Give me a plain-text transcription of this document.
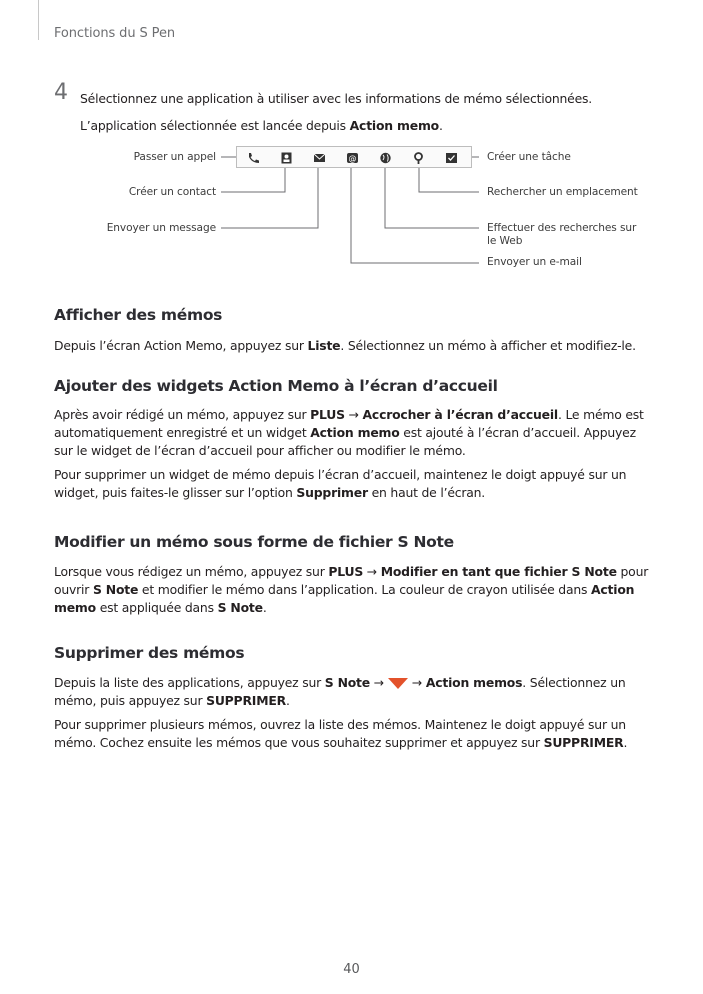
Fonctions du S Pen
4 Sélectionnez une application à utiliser avec les informations de mémo sélectionnées.

L’application sélectionnée est lancée depuis Action memo.

@
Passer un appel
Créer un contact
Envoyer un message
Créer une tâche
Rechercher un emplacement
Effectuer des recherches sur
le Web
Envoyer un e-mail
Afficher des mémos

Depuis l’écran Action Memo, appuyez sur Liste. Sélectionnez un mémo à afficher et modifiez-le.

Ajouter des widgets Action Memo à l’écran d’accueil

Après avoir rédigé un mémo, appuyez sur PLUS → Accrocher à l’écran d’accueil. Le mémo est automatiquement enregistré et un widget Action memo est ajouté à l’écran d’accueil. Appuyez sur le widget de l’écran d’accueil pour afficher ou modifier le mémo.

Pour supprimer un widget de mémo depuis l’écran d’accueil, maintenez le doigt appuyé sur un widget, puis faites-le glisser sur l’option Supprimer en haut de l’écran.

Modifier un mémo sous forme de fichier S Note

Lorsque vous rédigez un mémo, appuyez sur PLUS → Modifier en tant que fichier S Note pour ouvrir S Note et modifier le mémo dans l’application. La couleur de crayon utilisée dans Action memo est appliquée dans S Note.

Supprimer des mémos

Depuis la liste des applications, appuyez sur S Note → → Action memos. Sélectionnez un mémo, puis appuyez sur SUPPRIMER.

Pour supprimer plusieurs mémos, ouvrez la liste des mémos. Maintenez le doigt appuyé sur un mémo. Cochez ensuite les mémos que vous souhaitez supprimer et appuyez sur SUPPRIMER.

40
